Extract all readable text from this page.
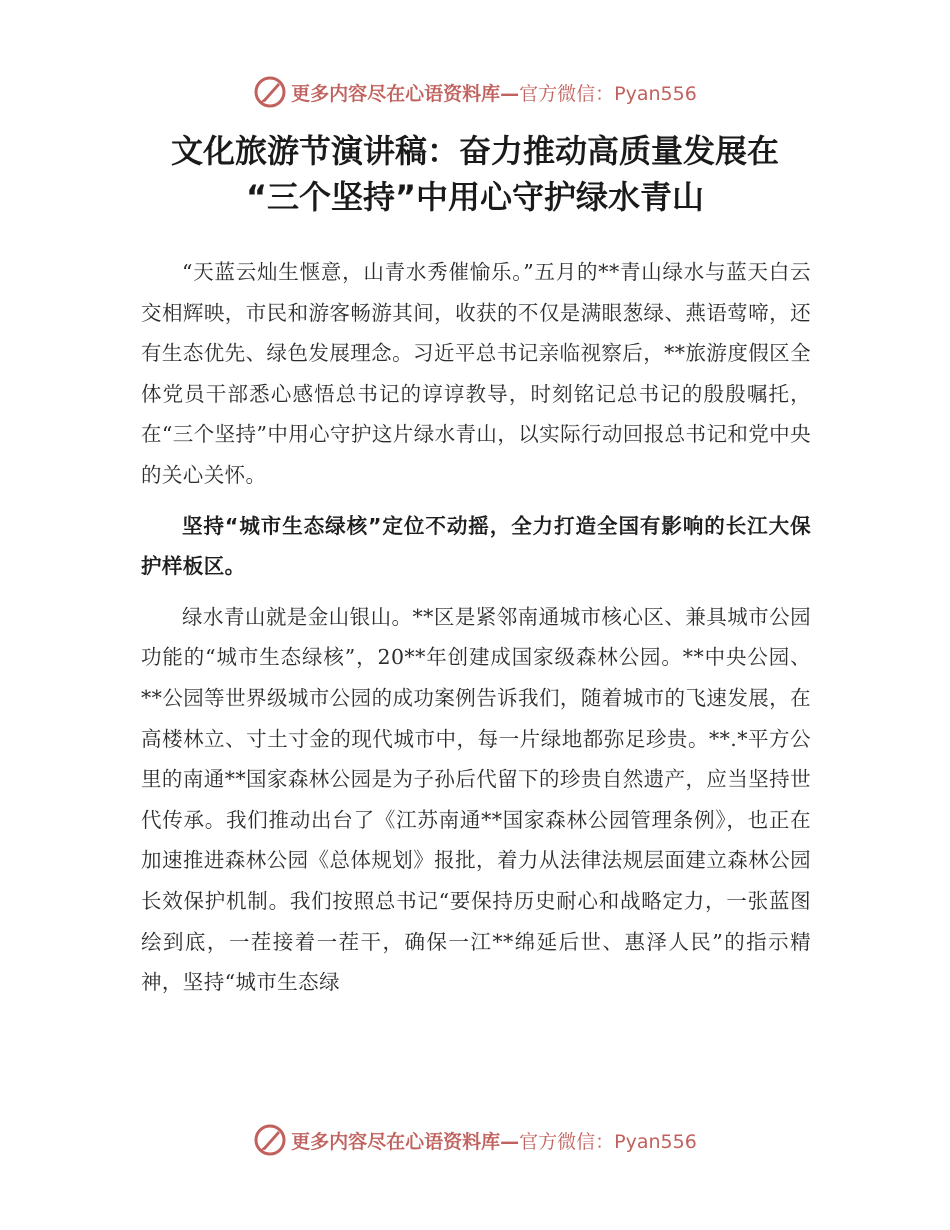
更多内容尽在心语资料库— 官方微信：Pyan556
文化旅游节演讲稿：奋力推动高质量发展在
“三个坚持”中用心守护绿水青山

“天蓝云灿生惬意，山青水秀催愉乐。”五月的**青山绿水与蓝天白云交相辉映，市民和游客畅游其间，收获的不仅是满眼葱绿、燕语莺啼，还有生态优先、绿色发展理念。习近平总书记亲临视察后，**旅游度假区全体党员干部悉心感悟总书记的谆谆教导，时刻铭记总书记的殷殷嘱托，在“三个坚持”中用心守护这片绿水青山，以实际行动回报总书记和党中央的关心关怀。

坚持“城市生态绿核”定位不动摇，全力打造全国有影响的长江大保护样板区。

绿水青山就是金山银山。**区是紧邻南通城市核心区、兼具城市公园功能的“城市生态绿核”，20**年创建成国家级森林公园。**中央公园、**公园等世界级城市公园的成功案例告诉我们，随着城市的飞速发展，在高楼林立、寸土寸金的现代城市中，每一片绿地都弥足珍贵。**.*平方公里的南通**国家森林公园是为子孙后代留下的珍贵自然遗产，应当坚持世代传承。我们推动出台了《江苏南通**国家森林公园管理条例》，也正在加速推进森林公园《总体规划》报批，着力从法律法规层面建立森林公园长效保护机制。我们按照总书记“要保持历史耐心和战略定力，一张蓝图绘到底，一茬接着一茬干，确保一江**绵延后世、惠泽人民”的指示精神，坚持“城市生态绿

更多内容尽在心语资料库— 官方微信：Pyan556
